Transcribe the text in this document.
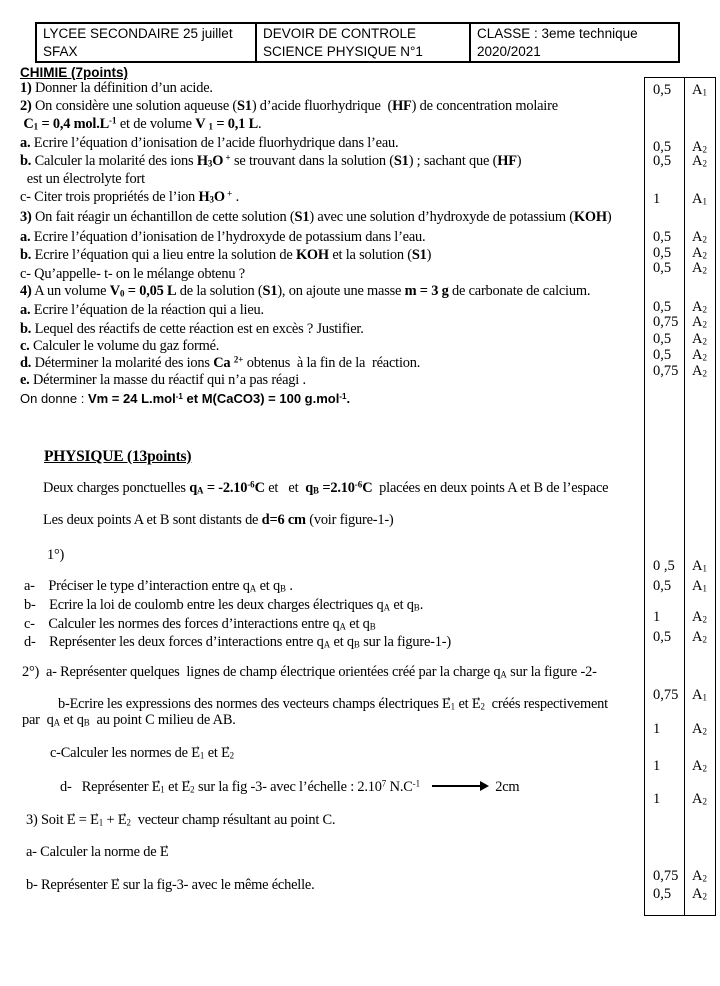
LYCEE SECONDAIRE 25 juillet
SFAX
DEVOIR DE CONTROLE
SCIENCE PHYSIQUE N°1
CLASSE : 3eme technique
2020/2021
CHIMIE (7points)
1) Donner la définition d’un acide.
2) On considère une solution aqueuse (S1) d’acide fluorhydrique  (HF) de concentration molaire
$C_1 = 0,4$ $mol.L^{-1}$ et de volume V $_1$ = 0,1 L.
a. Ecrire l’équation d’ionisation de l’acide fluorhydrique dans l’eau.
b. Calculer la molarité des ions $H_3O$ + se trouvant dans la solution (S1) ; sachant que (HF)
est un électrolyte fort
c- Citer trois propriétés de l’ion $H_3O$ + .
3) On fait réagir un échantillon de cette solution (S1) avec une solution d’hydroxyde de potassium (KOH)
a. Ecrire l’équation d’ionisation de l’hydroxyde de potassium dans l’eau.
b. Ecrire l’équation qui a lieu entre la solution de KOH et la solution (S1)
c- Qu’appelle- t- on le mélange obtenu ?
4) A un volume $V_0 = 0,05$ L de la solution (S1), on ajoute une masse m = 3 g de carbonate de calcium.
a. Ecrire l’équation de la réaction qui a lieu.
b. Lequel des réactifs de cette réaction est en excès ? Justifier.
c. Calculer le volume du gaz formé.
d. Déterminer la molarité des ions Ca $^{2+}$ obtenus  à la fin de la  réaction.
e. Déterminer la masse du réactif qui n’a pas réagi .
On donne : Vm = 24 L.mol$^{-1}$ et M(CaCO3) = 100 g.mol$^{-1}$.
PHYSIQUE (13points)
Deux charges ponctuelles $q_A = -2.10^{-6}C$ et   et  $q_B =2.10^{-6}C$  placées en deux points A et B de l’espace
Les deux points A et B sont distants de d=6 cm (voir figure-1-)
1°)
a-    Préciser le type d’interaction entre $q_A$ et $q_B$ .
b-    Ecrire la loi de coulomb entre les deux charges électriques $q_A$ et $q_B$.
c-    Calculer les normes des forces d’interactions entre $q_A$ et $q_B$
d-    Représenter les deux forces d’interactions entre $q_A$ et $q_B$ sur la figure-1-)
2°)  a- Représenter quelques  lignes de champ électrique orientées créé par la charge $q_A$ sur la figure -2-
b-Ecrire les expressions des normes des vecteurs champs électriques → $E_1$ et → $E_2$  créés respectivement
par  $q_A$ et $q_B$  au point C milieu de AB.
c-Calculer les normes de → $E_1$ et → $E_2$
d-   Représenter → $E_1$ et → $E_2$ sur la fig -3- avec l’échelle : 2.10$^7$ $N.C^{-1}$	2cm
3) Soit → E = → $E_1$ + → $E_2$  vecteur champ résultant au point C.
a- Calculer la norme de → E
b- Représenter → E sur la fig-3- avec le même échelle.
0,5 $A_1$
0,5 $A_2$
0,5 $A_2$
1 $A_1$
0,5 $A_2$
0,5 $A_2$
0,5 $A_2$
0,5 $A_2$
0,75 $A_2$
0,5 $A_2$
0,5 $A_2$
0,75 $A_2$
0 ,5 $A_1$
0,5 $A_1$
1 $A_2$
0,5 $A_2$
0,75 $A_1$
1 $A_2$
1 $A_2$
1 $A_2$
0,75 $A_2$
0,5 $A_2$
